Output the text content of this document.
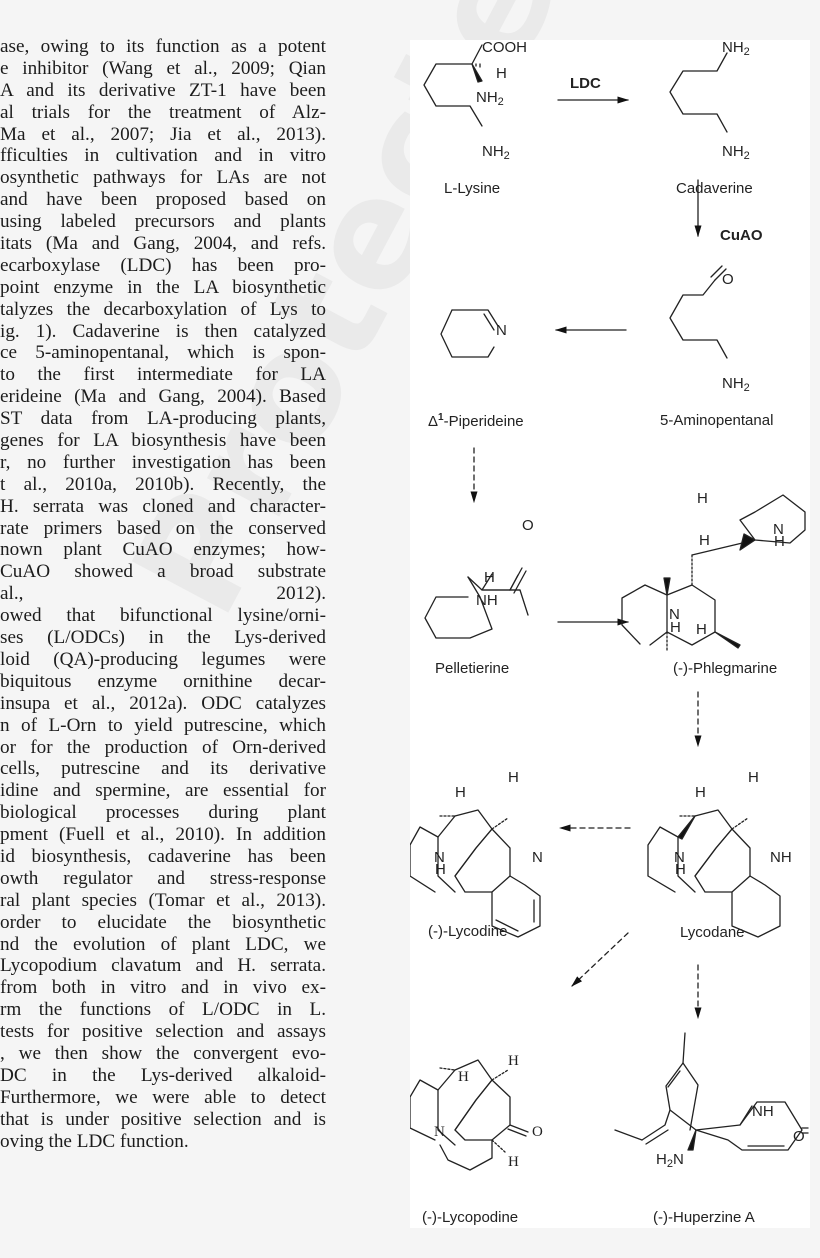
ase, owing to its function as a potent
e inhibitor (Wang et al., 2009; Qian
A and its derivative ZT-1 have been
al trials for the treatment of Alz-
Ma et al., 2007; Jia et al., 2013).
fficulties in cultivation and in vitro
osynthetic pathways for LAs are not
and have been proposed based on
using labeled precursors and plants
itats (Ma and Gang, 2004, and refs.
ecarboxylase (LDC) has been pro-
point enzyme in the LA biosynthetic
talyzes the decarboxylation of Lys to
ig. 1). Cadaverine is then catalyzed
ce 5-aminopentanal, which is spon-
to the first intermediate for LA
erideine (Ma and Gang, 2004). Based
ST data from LA-producing plants,
genes for LA biosynthesis have been
r, no further investigation has been
t al., 2010a, 2010b). Recently, the
H. serrata was cloned and character-
rate primers based on the conserved
nown plant CuAO enzymes; how-
CuAO showed a broad substrate
al., 2012).
owed that bifunctional lysine/orni-
ses (L/ODCs) in the Lys-derived
loid (QA)-producing legumes were
biquitous enzyme ornithine decar-
insupa et al., 2012a). ODC catalyzes
n of L-Orn to yield putrescine, which
or for the production of Orn-derived
cells, putrescine and its derivative
idine and spermine, are essential for
biological processes during plant
pment (Fuell et al., 2010). In addition
id biosynthesis, cadaverine has been
owth regulator and stress-response
ral plant species (Tomar et al., 2013).
order to elucidate the biosynthetic
nd the evolution of plant LDC, we
Lycopodium clavatum and H. serrata.
from both in vitro and in vivo ex-
rm the functions of L/ODC in L.
tests for positive selection and assays
, we then show the convergent evo-
DC in the Lys-derived alkaloid-
Furthermore, we were able to detect
that is under positive selection and is
oving the LDC function.
COOH
H
$NH_2$
$NH_2$
$NH_2$
$NH_2$
O
$NH_2$
N
O
H
NH
H
N
H
H
N
H H
H
H
N
H
N
H
H
N
H
NH
H
H
N	O
H
NH
O
$H_2N$
LDC
CuAO
L-Lysine	Cadaverine
$\Delta^1$-Piperideine	5-Aminopentanal
Pelletierine	(-)-Phlegmarine
(-)-Lycodine	Lycodane
(-)-Lycopodine	(-)-Huperzine A
